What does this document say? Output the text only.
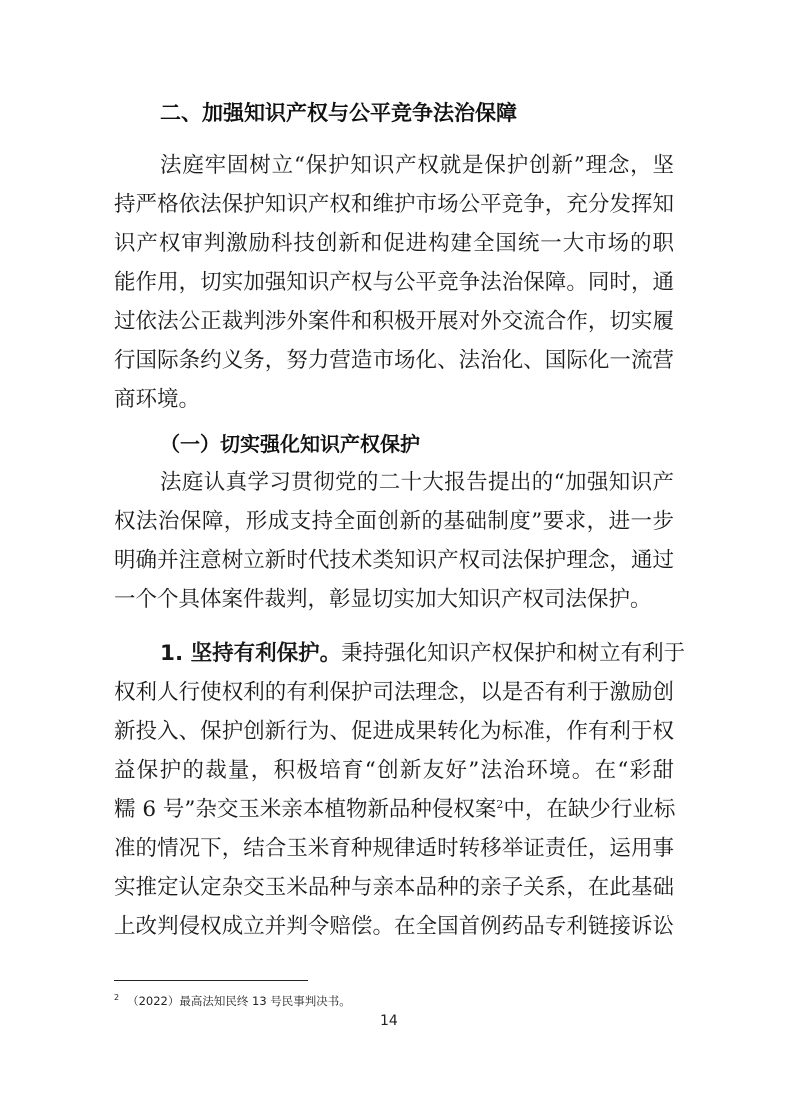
二、加强知识产权与公平竞争法治保障
法庭牢固树立“保护知识产权就是保护创新”理念，坚
持严格依法保护知识产权和维护市场公平竞争，充分发挥知
识产权审判激励科技创新和促进构建全国统一大市场的职
能作用，切实加强知识产权与公平竞争法治保障。同时，通
过依法公正裁判涉外案件和积极开展对外交流合作，切实履
行国际条约义务，努力营造市场化、法治化、国际化一流营
商环境。
（一）切实强化知识产权保护
法庭认真学习贯彻党的二十大报告提出的“加强知识产
权法治保障，形成支持全面创新的基础制度”要求，进一步
明确并注意树立新时代技术类知识产权司法保护理念，通过
一个个具体案件裁判，彰显切实加大知识产权司法保护。
1. 坚持有利保护。秉持强化知识产权保护和树立有利于
权利人行使权利的有利保护司法理念，以是否有利于激励创
新投入、保护创新行为、促进成果转化为标准，作有利于权
益保护的裁量，积极培育“创新友好”法治环境。在“彩甜
糯 6 号”杂交玉米亲本植物新品种侵权案$^2$中，在缺少行业标
准的情况下，结合玉米育种规律适时转移举证责任，运用事
实推定认定杂交玉米品种与亲本品种的亲子关系，在此基础
上改判侵权成立并判令赔偿。在全国首例药品专利链接诉讼
$^2$ （2022）最高法知民终 13 号民事判决书。
14
